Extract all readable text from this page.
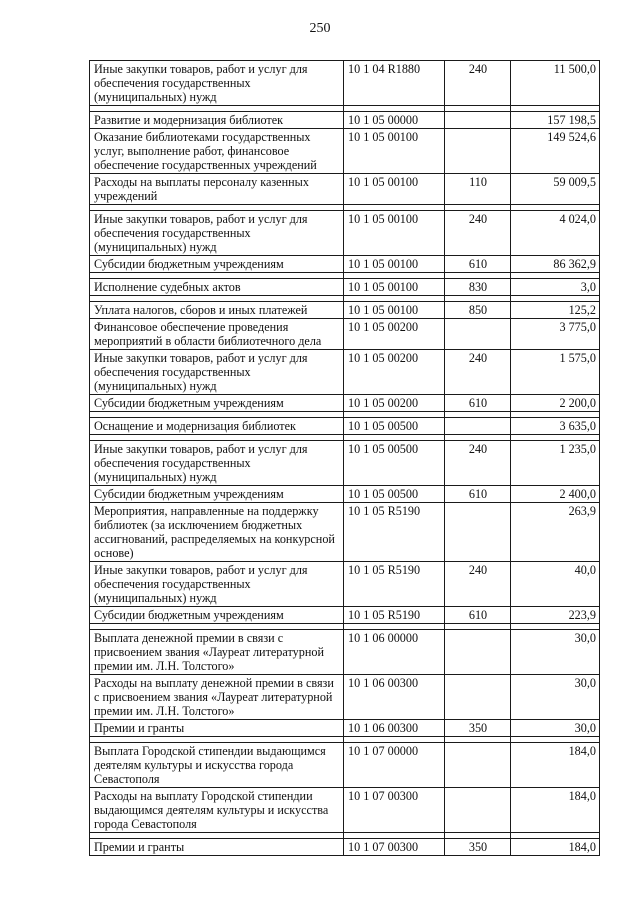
250
Иные закупки товаров, работ и услуг для обеспечения государственных (муниципальных) нужд	10 1 04 R1880	240	11 500,0

Развитие и модернизация библиотек	10 1 05 00000		157 198,5
Оказание библиотеками государственных услуг, выполнение работ, финансовое обеспечение государственных учреждений	10 1 05 00100		149 524,6
Расходы на выплаты персоналу казенных учреждений	10 1 05 00100	110	59 009,5

Иные закупки товаров, работ и услуг для обеспечения государственных (муниципальных) нужд	10 1 05 00100	240	4 024,0
Субсидии бюджетным учреждениям	10 1 05 00100	610	86 362,9

Исполнение судебных актов	10 1 05 00100	830	3,0

Уплата налогов, сборов и иных платежей	10 1 05 00100	850	125,2
Финансовое обеспечение проведения мероприятий в области библиотечного дела	10 1 05 00200		3 775,0
Иные закупки товаров, работ и услуг для обеспечения государственных (муниципальных) нужд	10 1 05 00200	240	1 575,0
Субсидии бюджетным учреждениям	10 1 05 00200	610	2 200,0

Оснащение и модернизация библиотек	10 1 05 00500		3 635,0

Иные закупки товаров, работ и услуг для обеспечения государственных (муниципальных) нужд	10 1 05 00500	240	1 235,0
Субсидии бюджетным учреждениям	10 1 05 00500	610	2 400,0
Мероприятия, направленные на поддержку библиотек (за исключением бюджетных ассигнований, распределяемых на конкурсной основе)	10 1 05 R5190		263,9
Иные закупки товаров, работ и услуг для обеспечения государственных (муниципальных) нужд	10 1 05 R5190	240	40,0
Субсидии бюджетным учреждениям	10 1 05 R5190	610	223,9

Выплата денежной премии в связи с присвоением звания «Лауреат литературной премии им. Л.Н. Толстого»	10 1 06 00000		30,0
Расходы на выплату денежной премии в связи с присвоением звания «Лауреат литературной премии им. Л.Н. Толстого»	10 1 06 00300		30,0
Премии и гранты	10 1 06 00300	350	30,0

Выплата Городской стипендии выдающимся деятелям культуры и искусства города Севастополя	10 1 07 00000		184,0
Расходы на выплату Городской стипендии выдающимся деятелям культуры и искусства города Севастополя	10 1 07 00300		184,0

Премии и гранты	10 1 07 00300	350	184,0
